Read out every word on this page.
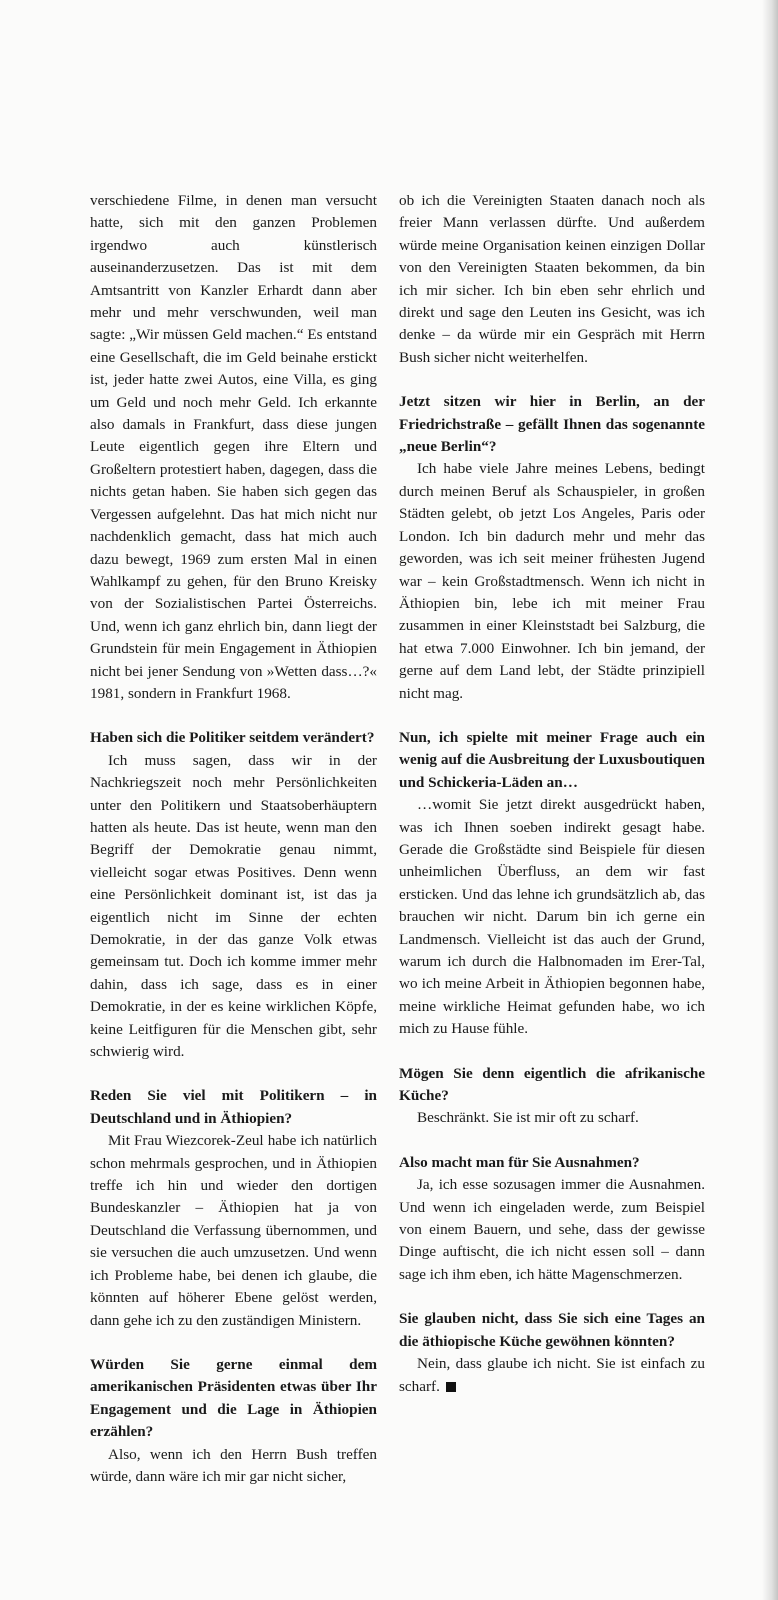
verschiedene Filme, in denen man versucht hatte, sich mit den ganzen Problemen irgendwo auch künstlerisch auseinanderzusetzen. Das ist mit dem Amtsantritt von Kanzler Erhardt dann aber mehr und mehr verschwunden, weil man sagte: „Wir müssen Geld machen.“ Es entstand eine Gesellschaft, die im Geld beinahe erstickt ist, jeder hatte zwei Autos, eine Villa, es ging um Geld und noch mehr Geld. Ich erkannte also damals in Frankfurt, dass diese jungen Leute eigentlich gegen ihre Eltern und Großeltern protestiert haben, dagegen, dass die nichts getan haben. Sie haben sich gegen das Vergessen aufgelehnt. Das hat mich nicht nur nachdenklich gemacht, dass hat mich auch dazu bewegt, 1969 zum ersten Mal in einen Wahlkampf zu gehen, für den Bruno Kreisky von der Sozialistischen Partei Österreichs. Und, wenn ich ganz ehrlich bin, dann liegt der Grundstein für mein Engagement in Äthiopien nicht bei jener Sendung von »Wetten dass…?« 1981, sondern in Frankfurt 1968.

Haben sich die Politiker seitdem verändert?

Ich muss sagen, dass wir in der Nachkriegszeit noch mehr Persönlichkeiten unter den Politikern und Staatsoberhäuptern hatten als heute. Das ist heute, wenn man den Begriff der Demokratie genau nimmt, vielleicht sogar etwas Positives. Denn wenn eine Persönlichkeit dominant ist, ist das ja eigentlich nicht im Sinne der echten Demokratie, in der das ganze Volk etwas gemeinsam tut. Doch ich komme immer mehr dahin, dass ich sage, dass es in einer Demokratie, in der es keine wirklichen Köpfe, keine Leitfiguren für die Menschen gibt, sehr schwierig wird.

Reden Sie viel mit Politikern – in Deutschland und in Äthiopien?

Mit Frau Wiezcorek-Zeul habe ich natürlich schon mehrmals gesprochen, und in Äthiopien treffe ich hin und wieder den dortigen Bundeskanzler – Äthiopien hat ja von Deutschland die Verfassung übernommen, und sie versuchen die auch umzusetzen. Und wenn ich Probleme habe, bei denen ich glaube, die könnten auf höherer Ebene gelöst werden, dann gehe ich zu den zuständigen Ministern.

Würden Sie gerne einmal dem amerikanischen Präsidenten etwas über Ihr Engagement und die Lage in Äthiopien erzählen?

Also, wenn ich den Herrn Bush treffen würde, dann wäre ich mir gar nicht sicher,

ob ich die Vereinigten Staaten danach noch als freier Mann verlassen dürfte. Und außerdem würde meine Organisation keinen einzigen Dollar von den Vereinigten Staaten bekommen, da bin ich mir sicher. Ich bin eben sehr ehrlich und direkt und sage den Leuten ins Gesicht, was ich denke – da würde mir ein Gespräch mit Herrn Bush sicher nicht weiterhelfen.

Jetzt sitzen wir hier in Berlin, an der Friedrichstraße – gefällt Ihnen das sogenannte „neue Berlin“?

Ich habe viele Jahre meines Lebens, bedingt durch meinen Beruf als Schauspieler, in großen Städten gelebt, ob jetzt Los Angeles, Paris oder London. Ich bin dadurch mehr und mehr das geworden, was ich seit meiner frühesten Jugend war – kein Großstadtmensch. Wenn ich nicht in Äthiopien bin, lebe ich mit meiner Frau zusammen in einer Kleinststadt bei Salzburg, die hat etwa 7.000 Einwohner. Ich bin jemand, der gerne auf dem Land lebt, der Städte prinzipiell nicht mag.

Nun, ich spielte mit meiner Frage auch ein wenig auf die Ausbreitung der Luxusboutiquen und Schickeria-Läden an…

…womit Sie jetzt direkt ausgedrückt haben, was ich Ihnen soeben indirekt gesagt habe. Gerade die Großstädte sind Beispiele für diesen unheimlichen Überfluss, an dem wir fast ersticken. Und das lehne ich grundsätzlich ab, das brauchen wir nicht. Darum bin ich gerne ein Landmensch. Vielleicht ist das auch der Grund, warum ich durch die Halbnomaden im Erer-Tal, wo ich meine Arbeit in Äthiopien begonnen habe, meine wirkliche Heimat gefunden habe, wo ich mich zu Hause fühle.

Mögen Sie denn eigentlich die afrikanische Küche?

Beschränkt. Sie ist mir oft zu scharf.

Also macht man für Sie Ausnahmen?

Ja, ich esse sozusagen immer die Ausnahmen. Und wenn ich eingeladen werde, zum Beispiel von einem Bauern, und sehe, dass der gewisse Dinge auftischt, die ich nicht essen soll – dann sage ich ihm eben, ich hätte Magenschmerzen.

Sie glauben nicht, dass Sie sich eine Tages an die äthiopische Küche gewöhnen könnten?

Nein, dass glaube ich nicht. Sie ist einfach zu scharf.
